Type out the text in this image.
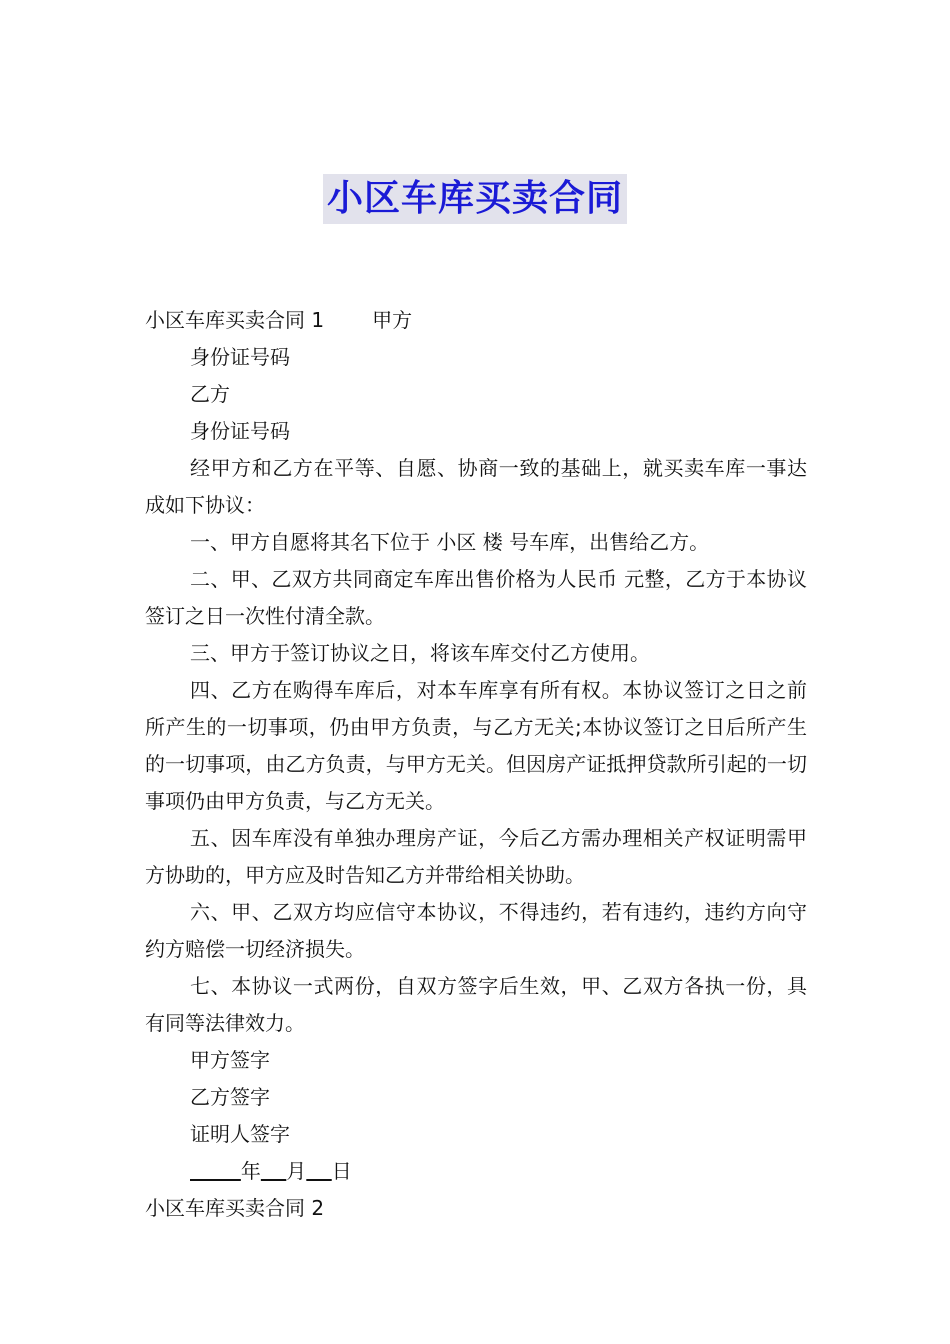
小区车库买卖合同
小区车库买卖合同 1 甲方
身份证号码
乙方
身份证号码
经甲方和乙方在平等、自愿、协商一致的基础上，就买卖车库一事达成如下协议：
一、甲方自愿将其名下位于 小区 楼 号车库，出售给乙方。
二、甲、乙双方共同商定车库出售价格为人民币 元整，乙方于本协议签订之日一次性付清全款。
三、甲方于签订协议之日，将该车库交付乙方使用。
四、乙方在购得车库后，对本车库享有所有权。本协议签订之日之前所产生的一切事项，仍由甲方负责，与乙方无关;本协议签订之日后所产生的一切事项，由乙方负责，与甲方无关。但因房产证抵押贷款所引起的一切事项仍由甲方负责，与乙方无关。
五、因车库没有单独办理房产证，今后乙方需办理相关产权证明需甲方协助的，甲方应及时告知乙方并带给相关协助。
六、甲、乙双方均应信守本协议，不得违约，若有违约，违约方向守约方赔偿一切经济损失。
七、本协议一式两份，自双方签字后生效，甲、乙双方各执一份，具有同等法律效力。
甲方签字
乙方签字
证明人签字
年 月 日
小区车库买卖合同 2
